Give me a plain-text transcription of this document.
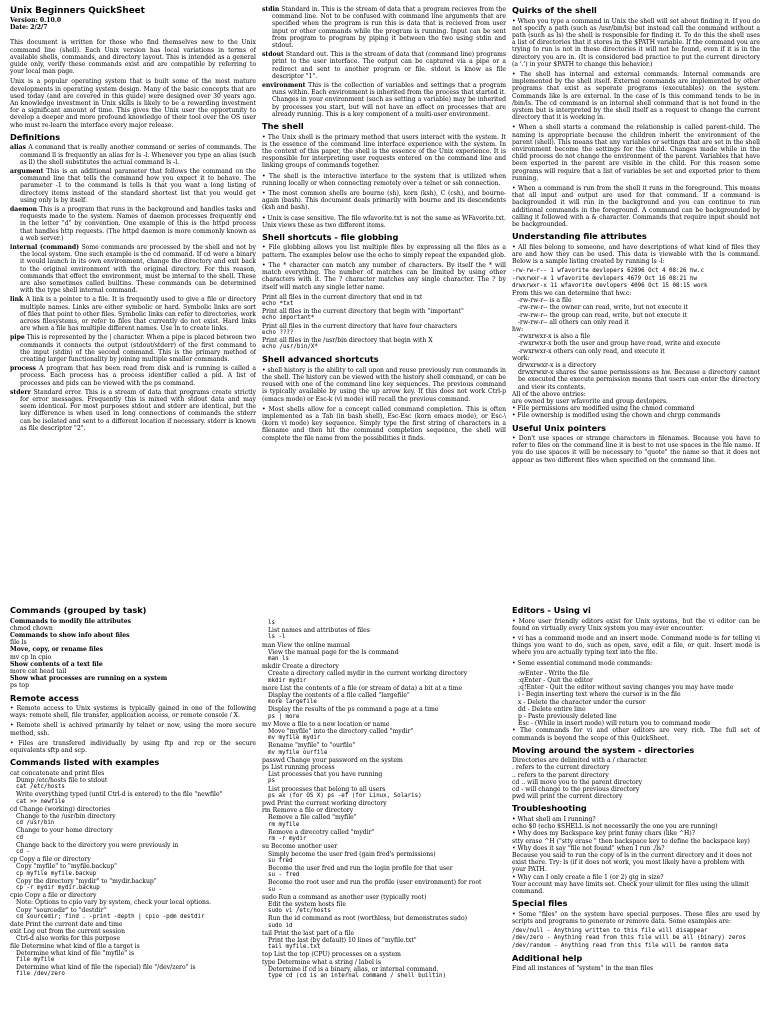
Unix Beginners QuickSheet
Version: 0.10.0
Date: 2/2/7

This document is written for those who find themselves new to the Unix command line (shell). Each Unix version has local variations in terms of available shells, commands, and directory layout. This is intended as a general guide only, verify these commands exist and are compatible by referring to your local man page.

Unix is a popular operating system that is built some of the most mature developments in operating system design. Many of the basic concepts that are used today (and are covered in this guide) were designed over 30 years ago. An knowledge investment in Unix skills is likely to be a rewarding investment for a significant amount of time. This gives the Unix user the opportunity to develop a deeper and more profound knowledge of their tool over the OS user who must re-learn the interface every major release.

Definitions
alias A command that is really another command or series of commands. The command ll is frequently an alias for ls -l. Whenever you type an alias (such as ll) the shell substitutes the actual command ls -l.
argument This is an additional parameter that follows the command on the command line that tells the command how you expect it to behave. The parameter -1 to the command ls tells ls that you want a long listing of directory items instead of the standard shortest list that you would get using only ls by itself.
daemon This is a program that runs in the background and handles tasks and requests made to the system. Names of daemon processes frequently end in the letter "d" by convention. One example of this is the httpd process that handles http requests. (The httpd daemon is more commonly known as a web server.)
internal (command) Some commands are processed by the shell and not by the local system. One such example is the cd command. If cd were a binary it would launch in its own environment, change the directory and exit back to the original environment with the original directory. For this reason, commands that effect the environment, must be internal to the shell. These are also sometimes called builtins. These commands can be determined with the type shell internal command.
link A link is a pointer to a file. It is frequently used to give a file or directory multiple names. Links are either symbolic or hard. Symbolic links are sort of files that point to other files. Symbolic links can refer to directories, work across filesystems, or refer to files that currently do not exist. Hard links are when a file has multiple different names. Use ln to create links.
pipe This is represented by the | character. When a pipe is placed between two commands it connects the output (stdout/stderr) of the first command to the input (stdin) of the second command. This is the primary method of creating larger functionality by joining multiple smaller commands.
process A program that has been read from disk and is running is called a process. Each process has a process identifier called a pid. A list of processes and pids can be viewed with the ps command.
stderr Standard error. This is a stream of data that programs create strictly for error messages. Frequently this is mixed with stdout data and may seem identical. For most purposes stdout and stderr are identical, but the key difference is when used in long connections of commands the stderr can be isolated and sent to a different location if necessary. stderr is known as file descriptor "2".
stdin Standard in. This is the stream of data that a program recieves from the command line. Not to be confused with command line arguments that are specified when the program is run this is data that is recieved from user input or other commands while the program is running. Input can be sent from program to program by piping it between the two using stdin and stdout.
stdout Standard out. This is the stream of data that (command line) programs print to the user interface. The output can be captured via a pipe or a redirect and sent to another program or file. stdout is know as file descriptor "1".
environment This is the collection of variables and settings that a program runs within. Each environment is inherited from the process that started it. Changes in your environment (such as setting a variable) may be inherited by processes you start, but will not have an effect on processes that are already running. This is a key component of a multi-user environment.
The shell

• The Unix shell is the primary method that users interact with the system. It is the essence of the command line interface experience with the system. In the context of this paper, the shell is the essence of the Unix experience. It is responsible for interpreting user requests entered on the command line and linking groups of commands together.

• The shell is the interactive interface to the system that is utilized when running locally or when connecting remotely over a telnet or ssh connection.

• The most common shells are bourne (sh), korn (ksh), C (csh), and bourne-again (bash). This document deals primarily with bourne and its descendents (ksh and bash).

• Unix is case sensitive. The file wfavorite.txt is not the same as WFavorite.txt. Unix views these as two different items.

Shell shortcuts - file globbing

• File globbing allows you list multiple files by expressing all the files as a pattern. The examples below use the echo to simply repeat the expanded glob.

• The * character can match any number of characters. By itself the * will match everything. The number of matches can be limited by using other characters with it. The ? character matches any single character. The ? by itself will match any single letter name.

Print all files in the current directory that end in txt
echo *txt
Print all files in the current directory that begin with "important"
echo important*
Print all files in the current directory that have four characters
echo ????
Print all files in the /usr/bin directory that begin with X
echo /usr/bin/X*
Shell advanced shortcuts

• shell history is the ability to call upon and reuse previously run commands in the shell. The history can be viewed with the history shell command, or can be reused with one of the command line key sequences. The previous command is typically available by using the up arrow key. If this does not work Ctrl-p (emacs mode) or Esc-k (vi mode) will recall the previous command.

• Most shells allow for a concept called command completion. This is often implemented as a Tab (in bash shell), Esc-Esc (korn emacs mode), or Esc-\ (korn vi mode) key sequence. Simply type the first string of characters in a filename and then hit the command completion sequence, the shell will complete the file name from the possibilities it finds.

Quirks of the shell

• When you type a command in Unix the shell will set about finding it. If you do not specify a path (such as /usr/bin/ls) but instead call the command without a path (such as ls) the shell is responsible for finding it. To do this the shell uses a list of directories that it stores in the $PATH variable. If the command you are trying to run is not in these directories it will not be found, even if it is in the directory you are in. (It is considered bad practice to put the current directory (a '.') in your $PATH to change this behavior.)

• The shell has internal and external commands. Internal commands are implemented by the shell itself. External commands are implemented by other programs that exist as seperate programs (executables) on the system. Commands like ls are external. In the case of ls this command tends to be in /bin/ls. The cd command is an internal shell command that is not found in the system but is interpreted by the shell itself as a request to change the current directory that it is working in.

• When a shell starts a command the relationship is called parent-child. The naming is appropriate because the children inherit the environment of the parent (shell). This means that any variables or settings that are set in the shell environment become the settings for the child. Changes made while in the child process do not change the environment of the parent. Variables that have been exported in the parent are visible in the child. For this reason some programs will require that a list of variables be set and exported prior to them running.

• When a command is run from the shell it runs in the foreground. This means that all input and output are used for that command. If a command is backgrounded it will run in the background and you can continue to run additional commands in the foreground. A command can be backgrounded by calling it followed with a & character. Commands that require input should not be backgrounded.

Understanding file attributes

• All files belong to someone, and have descriptions of what kind of files they are and how they can be used. This data is viewable with the ls command. Below is a sample listing created by running ls -l:

-rw-rw-r-- 1 wfavorite devlopers 62896 Oct 4 08:26 hw.c
-rwxrwxr-x 1 wfavorite devlopers 4679 Oct 16 08:21 hw
drwxrwxr-x 11 wfavorite devlopers 4096 Oct 15 08:15 work
From this we can determine that hw.c:

-rw-rw-r-- is a file

-rw-rw-r-- the owner can read, write, but not execute it

-rw-rw-r-- the group can read, write, but not execute it

-rw-rw-r-- all others can only read it

hw:

-rwxrwxr-x is also a file

-rwxrwxr-x both the user and group have read, write and execute

-rwxrwxr-x others can only read, and execute it

work:

drwxrwxr-x is a directory

drwxrwxr-x shares the same permisssions as hw. Because a directory cannot be executed the execute permission means that users can enter the directory and view its contents.

All of the above entries:
are owned by user wfavorite and group devlopers.
• File permissions are modified using the chmod command
• File ownership is modified using the chown and chrgp commands
Useful Unix pointers

• Don't use spaces or strange characters in filenames. Because you have to refer to files on the command line it is best to not use spaces in the file name. If you do use spaces it will be necessary to "quote" the name so that it does not appear as two different files when specified on the command line.

Commands (grouped by task)
Commands to modify file attributes
chmod chown
Commands to show info about files
file ls
Move, copy, or rename files
mv cp ln cpio
Show contents of a text file
more cat head tail
Show what processes are running on a system
ps top
Remote access

• Remote access to Unix systems is typically gained in one of the following ways: remote shell, file transfer, application access, or remote console / X.

• Remote shell is achived primarily by telnet or now, using the more secure method, ssh.

• Files are transfered individually by using ftp and rcp or the secure equivalents sftp and scp.

Commands listed with examples
cat concatenate and print files
Dump /etc/hosts file to stdout
cat /etc/hosts
Write everything typed (until Ctrl-d is entered) to the file "newfile"
cat >> newfile
cd Change (working) directories
Change to the /usr/bin directory
cd /usr/bin
Change to your home directory
cd
Change back to the directory you were previously in
cd -
cp Copy a file or directory
Copy "myfile" to "myfile.backup"
cp myfile myfile.backup
Copy the directory "mydir" to "mydir.backup"
cp -r mydir mydir.backup
cpio Copy a file or directory
Note: Options to cpio vary by system, check your local options.
Copy "sourcedir" to "destdir"
cd sourcedir; find . -print -depth | cpio -pdm destdir
date Print the current date and time
exit Log out from the current session
Ctrl-d also works for this purpose
file Determine what kind of file a target is
Determine what kind of file "myfile" is
file myfile
Determine what kind of file the (special) file "/dev/zero" is
file /dev/zero
ls
List names and attributes of files
ls -l
man View the online manual
View the manual page for the ls command
man ls
mkdir Create a directory
Create a directory called mydir in the current working directory
mkdir mydir
more List the contents of a file (or stream of data) a bit at a time
Display the contents of a file called "largefile"
more largefile
Display the results of the ps command a page at a time
ps | more
mv Move a file to a new location or name
Move "myfile" into the directory called "mydir"
mv myfile mydir
Rename "myfile" to "ourfile"
mv myfile ourfile
passwd Change your password on the system
ps List running process
List processes that you have running
ps
List processes that belong to all users
ps ax (for OS X) ps -ef (for Linux, Solaris)
pwd Print the current working directory
rm Remove a file or directory
Remove a file called "myfile"
rm myfile
Remove a direcotry called "mydir"
rm -r mydir
su Become another user
Simply become the user fred (gain fred's permissions)
su fred
Become the user fred and run the login profile for that user
su - fred
Become the root user and run the profile (user environment) for root
su -
sudo Run a command as another user (typically root)
Edit the system hosts file
sudo vi /etc/hosts
Run the id command as root (worthless, but demonstrates sudo)
sudo id
tail Print the last part of a file
Print the last (by default) 10 lines of "myfile.txt"
tail myfile.txt
top List the top (CPU) processes on a system
type Determine what a string / label is
Determine if cd is a binary, alias, or internal command.
type cd (cd is an internal command / shell builtin)
Editors - Using vi

• More user friendly editors exist for Unix systems, but the vi editor can be found on virtually every Unix system you may ever encounter.

• vi has a command mode and an insert mode. Command mode is for telling vi things you want to do, such as open, save, edit a file, or quit. Insert mode is where you are actually typing text into the file.

• Some essential command mode commands:

:wEnter - Write the file

:qEnter - Quit the editor

:q!Enter - Quit the editor without saving changes you may have made

i - Begin inserting text where the cursor is in the file

x - Delete the character under the cursor

dd - Delete entire line

p - Paste previously deleted line

Esc - (While in insert mode) will return you to command mode

• The commands for vi and other editors are very rich. The full set of commands is beyond the scope of this QuickSheet.

Moving around the system - directories
Directories are delimited with a / character.
. refers to the current directory
.. refers to the parent directory
cd .. will move you to the parent directory
cd - will change to the previous directory
pwd will print the current directory
Troubleshooting
• What shell am I running?
echo $0 (echo $SHELL is not necessarily the one you are running)
• Why does my Backspace key print funny chars (like ^H)?
stty erase ^H ("stty erase " then backspace key to define the backspace key)
• Why does it say "file not found" when I run ./ls?
Because you said to run the copy of ls in the current directory and it does not exist there. Try: ls (if it does not work, you most likely have a problem with your PATH.
• Why can I only create a file 1 (or 2) gig in size?
Your account may have limits set. Check your ulimit for files using the ulimit command.
Special files

• Some "files" on the system have special purposes. These files are used by scripts and programs to generate or remove data. Some examples are:

/dev/null - Anything written to this file will disappear
/dev/zero - Anything read from this file will be all (binary) zeros
/dev/random - Anything read from this file will be random data
Additional help
Find all instances of "system" in the man files
